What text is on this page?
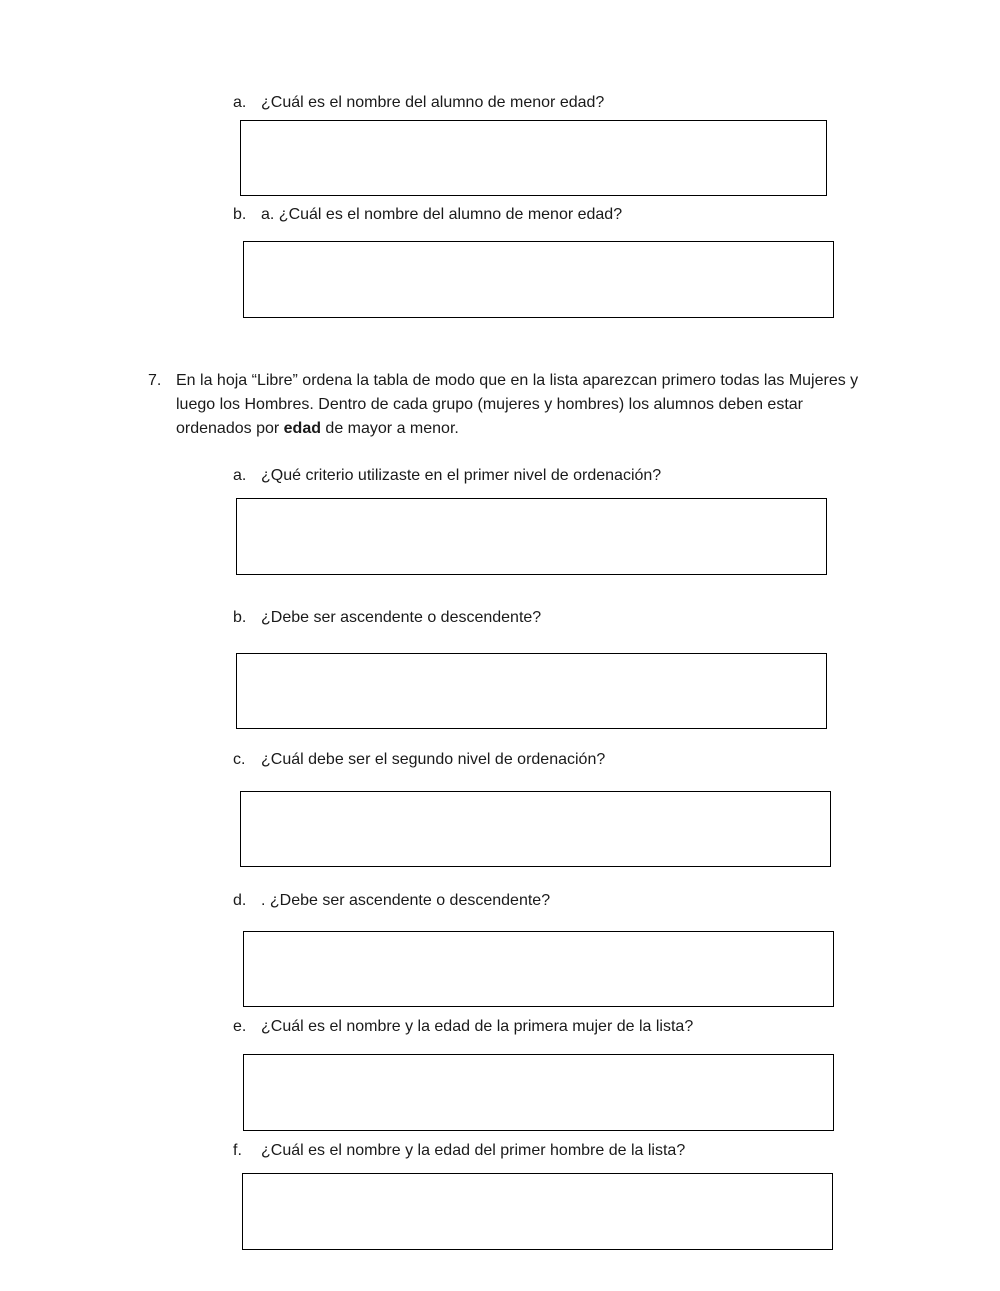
a. ¿Cuál es el nombre del alumno de menor edad?
b. a. ¿Cuál es el nombre del alumno de menor edad?
7. En la hoja “Libre” ordena la tabla de modo que en la lista aparezcan primero todas las Mujeres y
luego los Hombres. Dentro de cada grupo (mujeres y hombres) los alumnos deben estar
ordenados por edad de mayor a menor.
a. ¿Qué criterio utilizaste en el primer nivel de ordenación?
b. ¿Debe ser ascendente o descendente?
c. ¿Cuál debe ser el segundo nivel de ordenación?
d. . ¿Debe ser ascendente o descendente?
e. ¿Cuál es el nombre y la edad de la primera mujer de la lista?
f. ¿Cuál es el nombre y la edad del primer hombre de la lista?
